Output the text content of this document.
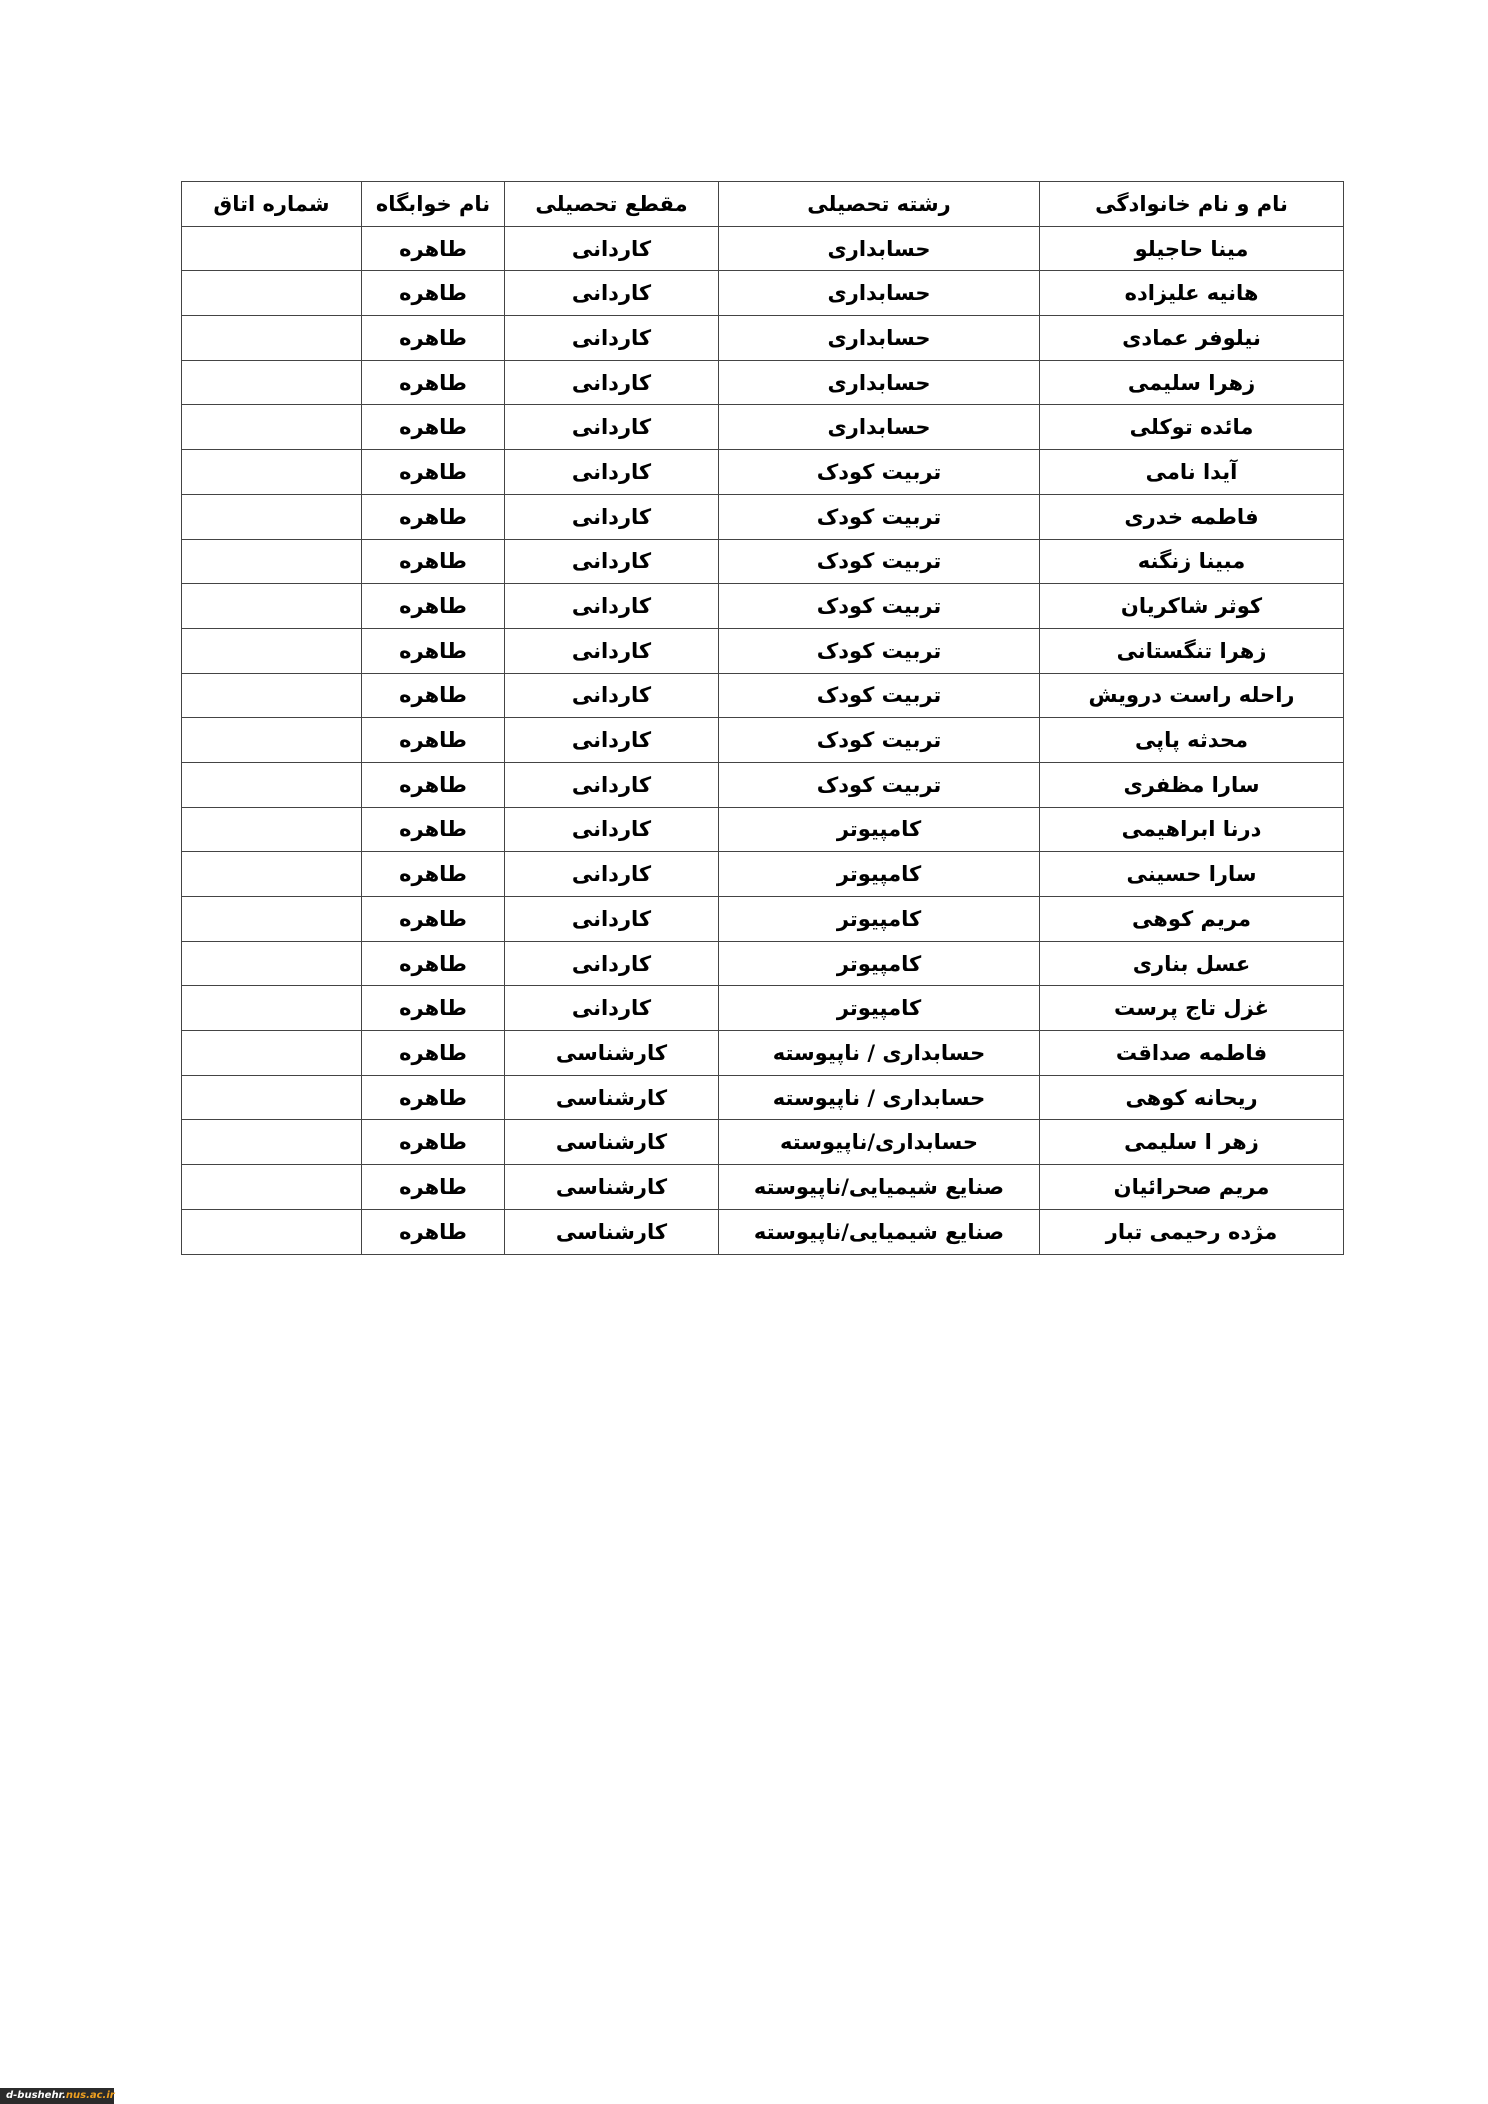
نام و نام خانوادگی	رشته تحصیلی	مقطع تحصیلی	نام خوابگاه	شماره اتاق
مینا حاجیلو	حسابداری	کاردانی	طاهره	
هانیه علیزاده	حسابداری	کاردانی	طاهره	
نیلوفر عمادی	حسابداری	کاردانی	طاهره	
زهرا سلیمی	حسابداری	کاردانی	طاهره	
مائده توکلی	حسابداری	کاردانی	طاهره	
آیدا نامی	تربیت کودک	کاردانی	طاهره	
فاطمه خدری	تربیت کودک	کاردانی	طاهره	
مبینا زنگنه	تربیت کودک	کاردانی	طاهره	
کوثر شاکریان	تربیت کودک	کاردانی	طاهره	
زهرا تنگستانی	تربیت کودک	کاردانی	طاهره	
راحله راست درویش	تربیت کودک	کاردانی	طاهره	
محدثه پاپی	تربیت کودک	کاردانی	طاهره	
سارا مظفری	تربیت کودک	کاردانی	طاهره	
درنا ابراهیمی	کامپیوتر	کاردانی	طاهره	
سارا حسینی	کامپیوتر	کاردانی	طاهره	
مریم کوهی	کامپیوتر	کاردانی	طاهره	
عسل بناری	کامپیوتر	کاردانی	طاهره	
غزل تاج پرست	کامپیوتر	کاردانی	طاهره	
فاطمه صداقت	حسابداری / ناپیوسته	کارشناسی	طاهره	
ریحانه کوهی	حسابداری / ناپیوسته	کارشناسی	طاهره	
زهر ا سلیمی	حسابداری/ناپیوسته	کارشناسی	طاهره	
مریم صحرائیان	صنایع شیمیایی/ناپیوسته	کارشناسی	طاهره	
مژده رحیمی تبار	صنایع شیمیایی/ناپیوسته	کارشناسی	طاهره	
d-bushehr.nus.ac.ir
